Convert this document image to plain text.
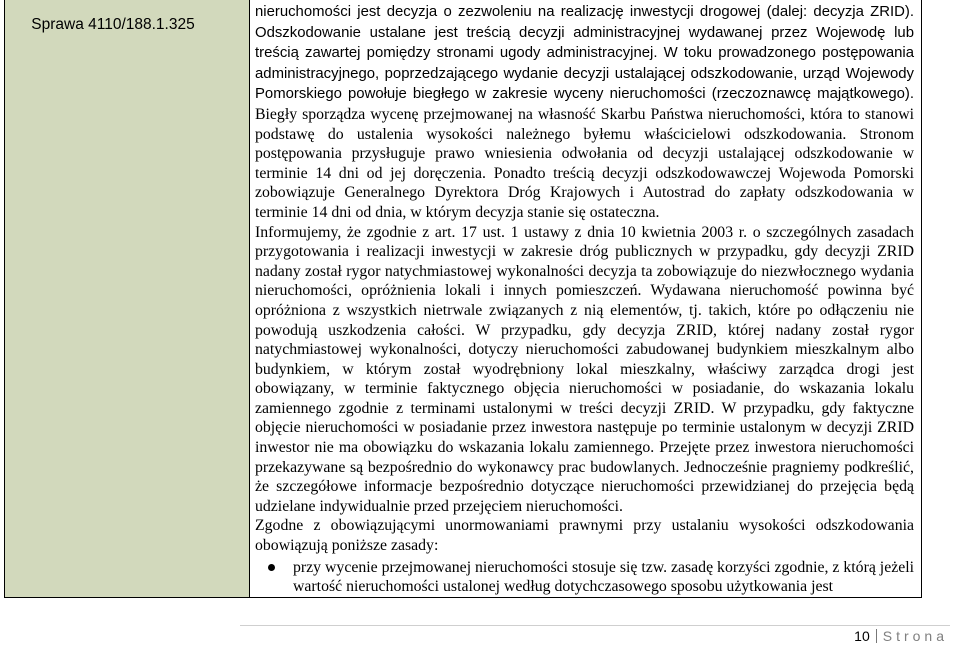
Sprawa 4110/188.1.325

nieruchomości jest decyzja o zezwoleniu na realizację inwestycji drogowej (dalej: decyzja ZRID). Odszkodowanie ustalane jest treścią decyzji administracyjnej wydawanej przez Wojewodę lub treścią zawartej pomiędzy stronami ugody administracyjnej. W toku prowadzonego postępowania administracyjnego, poprzedzającego wydanie decyzji ustalającej odszkodowanie, urząd Wojewody Pomorskiego powołuje biegłego w zakresie wyceny nieruchomości (rzeczoznawcę majątkowego). Biegły sporządza wycenę przejmowanej na własność Skarbu Państwa nieruchomości, która to stanowi podstawę do ustalenia wysokości należnego byłemu właścicielowi odszkodowania. Stronom postępowania przysługuje prawo wniesienia odwołania od decyzji ustalającej odszkodowanie w terminie 14 dni od jej doręczenia. Ponadto treścią decyzji odszkodowawczej Wojewoda Pomorski zobowiązuje Generalnego Dyrektora Dróg Krajowych i Autostrad do zapłaty odszkodowania w terminie 14 dni od dnia, w którym decyzja stanie się ostateczna.

Informujemy, że zgodnie z art. 17 ust. 1 ustawy z dnia 10 kwietnia 2003 r. o szczególnych zasadach przygotowania i realizacji inwestycji w zakresie dróg publicznych w przypadku, gdy decyzji ZRID nadany został rygor natychmiastowej wykonalności decyzja ta zobowiązuje do niezwłocznego wydania nieruchomości, opróżnienia lokali i innych pomieszczeń. Wydawana nieruchomość powinna być opróżniona z wszystkich nietrwale związanych z nią elementów, tj. takich, które po odłączeniu nie powodują uszkodzenia całości. W przypadku, gdy decyzja ZRID, której nadany został rygor natychmiastowej wykonalności, dotyczy nieruchomości zabudowanej budynkiem mieszkalnym albo budynkiem, w którym został wyodrębniony lokal mieszkalny, właściwy zarządca drogi jest obowiązany, w terminie faktycznego objęcia nieruchomości w posiadanie, do wskazania lokalu zamiennego zgodnie z terminami ustalonymi w treści decyzji ZRID. W przypadku, gdy faktyczne objęcie nieruchomości w posiadanie przez inwestora następuje po terminie ustalonym w decyzji ZRID inwestor nie ma obowiązku do wskazania lokalu zamiennego. Przejęte przez inwestora nieruchomości przekazywane są bezpośrednio do wykonawcy prac budowlanych. Jednocześnie pragniemy podkreślić, że szczegółowe informacje bezpośrednio dotyczące nieruchomości przewidzianej do przejęcia będą udzielane indywidualnie przed przejęciem nieruchomości.

Zgodne z obowiązującymi unormowaniami prawnymi przy ustalaniu wysokości odszkodowania obowiązują poniższe zasady:

przy wycenie przejmowanej nieruchomości stosuje się tzw. zasadę korzyści zgodnie, z którą jeżeli wartość nieruchomości ustalonej według dotychczasowego sposobu użytkowania jest
10 Strona
